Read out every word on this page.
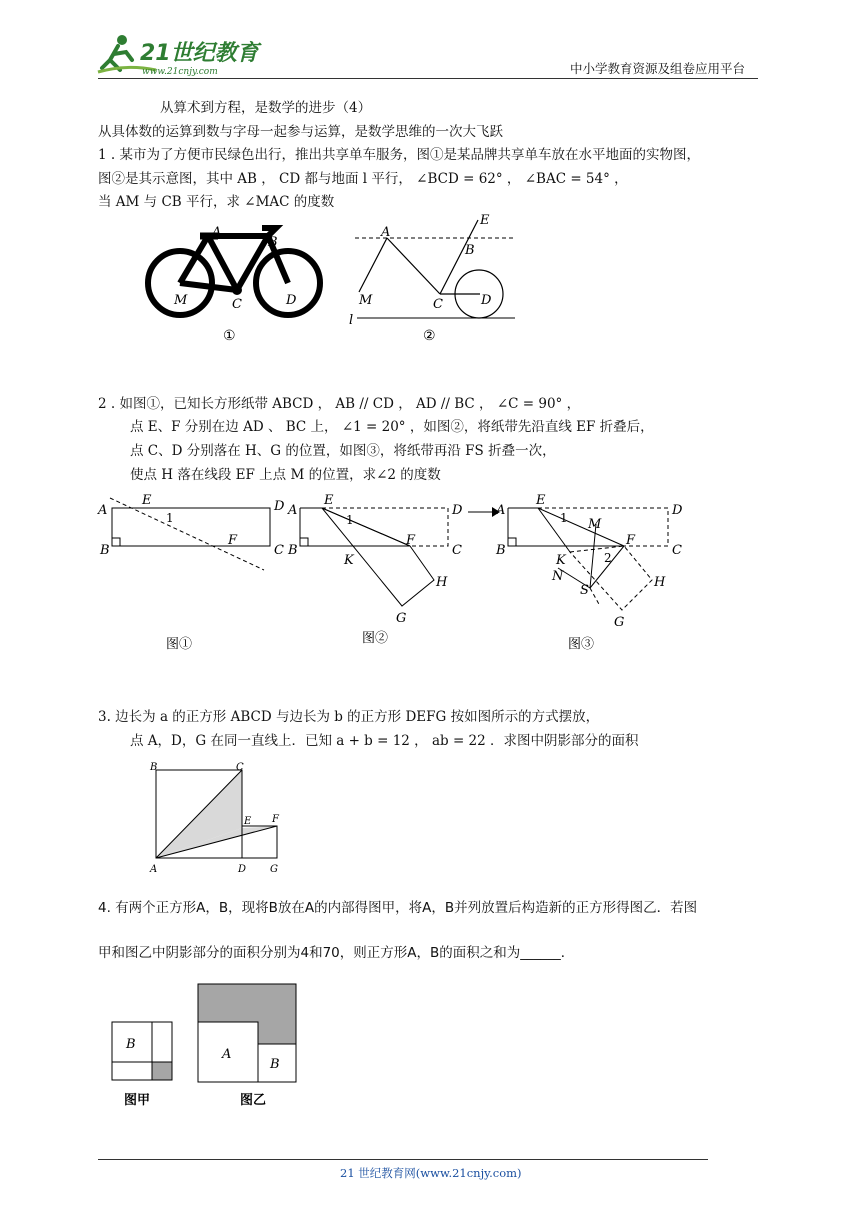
21世纪教育
www.21cnjy.com	中小学教育资源及组卷应用平台
从算术到方程，是数学的进步（4）
从具体数的运算到数与字母一起参与运算，是数学思维的一次大飞跃
1 . 某市为了方便市民绿色出行，推出共享单车服务，图①是某品牌共享单车放在水平地面的实物图，
图②是其示意图，其中 AB ， CD 都与地面 l 平行， ∠BCD = 62° ， ∠BAC = 54° ，
当 AM 与 CB 平行，求 ∠MAC 的度数
A
B
C	D
M
①
A
B
E
C	D
M
l
②
2 . 如图①，已知长方形纸带 ABCD ， AB // CD ， AD // BC ， ∠C = 90° ，
点 E、F 分别在边 AD 、 BC 上， ∠1 = 20° ，如图②，将纸带先沿直线 EF 折叠后，
点 C、D 分别落在 H、G 的位置，如图③，将纸带再沿 FS 折叠一次，
使点 H 落在线段 EF 上点 M 的位置，求∠2 的度数
A
E
1
D
B
F
C
图①
A
E
1
D
B
F
C
K
H
G
图②
A
E
1	D
B
F
C
M
2
K
N
S
H
G
图③
3. 边长为 a 的正方形 ABCD 与边长为 b 的正方形 DEFG 按如图所示的方式摆放，
点 A，D，G 在同一直线上．已知 a + b = 12 ， ab = 22 ．求图中阴影部分的面积
B	C
E F
A	D G
4. 有两个正方形A，B，现将B放在A的内部得图甲，将A，B并列放置后构造新的正方形得图乙．若图
甲和图乙中阴影部分的面积分别为4和70，则正方形A，B的面积之和为______．
B
图甲
A
B
图乙
21 世纪教育网(www.21cnjy.com)
